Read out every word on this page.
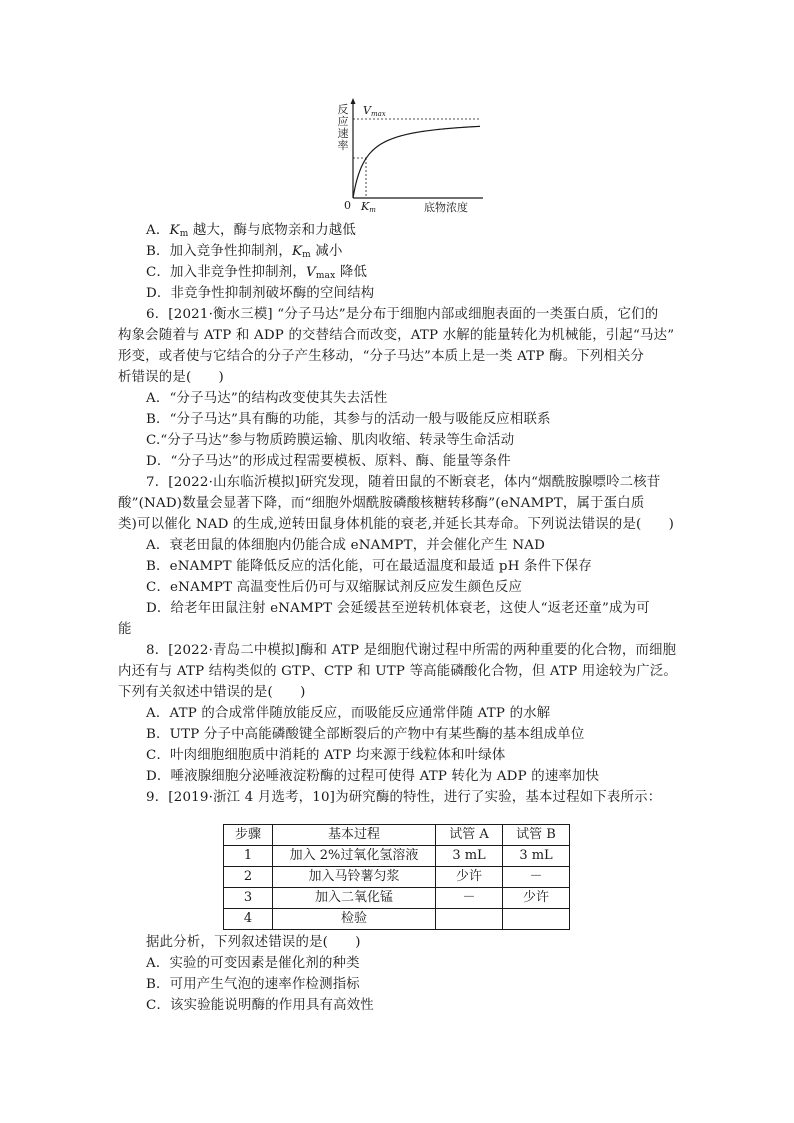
反应速率
$V_{max}$
0 $K_m$	底物浓度
A．$K_m$ 越大，酶与底物亲和力越低
B．加入竞争性抑制剂，$K_m$ 减小
C．加入非竞争性抑制剂，$V_{max}$ 降低
D．非竞争性抑制剂破坏酶的空间结构
6．[2021·衡水三模] “分子马达”是分布于细胞内部或细胞表面的一类蛋白质，它们的
构象会随着与 ATP 和 ADP 的交替结合而改变，ATP 水解的能量转化为机械能，引起“马达”
形变，或者使与它结合的分子产生移动，“分子马达”本质上是一类 ATP 酶。下列相关分
析错误的是(　　)
A．“分子马达”的结构改变使其失去活性
B．“分子马达”具有酶的功能，其参与的活动一般与吸能反应相联系
C.“分子马达”参与物质跨膜运输、肌肉收缩、转录等生命活动
D．“分子马达”的形成过程需要模板、原料、酶、能量等条件
7．[2022·山东临沂模拟]研究发现，随着田鼠的不断衰老，体内“烟酰胺腺嘌呤二核苷
酸”(NAD)数量会显著下降，而“细胞外烟酰胺磷酸核糖转移酶”(eNAMPT，属于蛋白质
类)可以催化 NAD 的生成,逆转田鼠身体机能的衰老,并延长其寿命。下列说法错误的是(　　)
A．衰老田鼠的体细胞内仍能合成 eNAMPT，并会催化产生 NAD
B．eNAMPT 能降低反应的活化能，可在最适温度和最适 pH 条件下保存
C．eNAMPT 高温变性后仍可与双缩脲试剂反应发生颜色反应
D．给老年田鼠注射 eNAMPT 会延缓甚至逆转机体衰老，这使人“返老还童”成为可
能
8．[2022·青岛二中模拟]酶和 ATP 是细胞代谢过程中所需的两种重要的化合物，而细胞
内还有与 ATP 结构类似的 GTP、CTP 和 UTP 等高能磷酸化合物，但 ATP 用途较为广泛。
下列有关叙述中错误的是(　　)
A．ATP 的合成常伴随放能反应，而吸能反应通常伴随 ATP 的水解
B．UTP 分子中高能磷酸键全部断裂后的产物中有某些酶的基本组成单位
C．叶肉细胞细胞质中消耗的 ATP 均来源于线粒体和叶绿体
D．唾液腺细胞分泌唾液淀粉酶的过程可使得 ATP 转化为 ADP 的速率加快
9．[2019·浙江 4 月选考，10]为研究酶的特性，进行了实验，基本过程如下表所示：
步骤	基本过程	试管 A	试管 B
1	加入 2%过氧化氢溶液	3 mL	3 mL
2	加入马铃薯匀浆	少许	－
3	加入二氧化锰	－	少许
4	检验		
据此分析，下列叙述错误的是(　　)
A．实验的可变因素是催化剂的种类
B．可用产生气泡的速率作检测指标
C．该实验能说明酶的作用具有高效性
